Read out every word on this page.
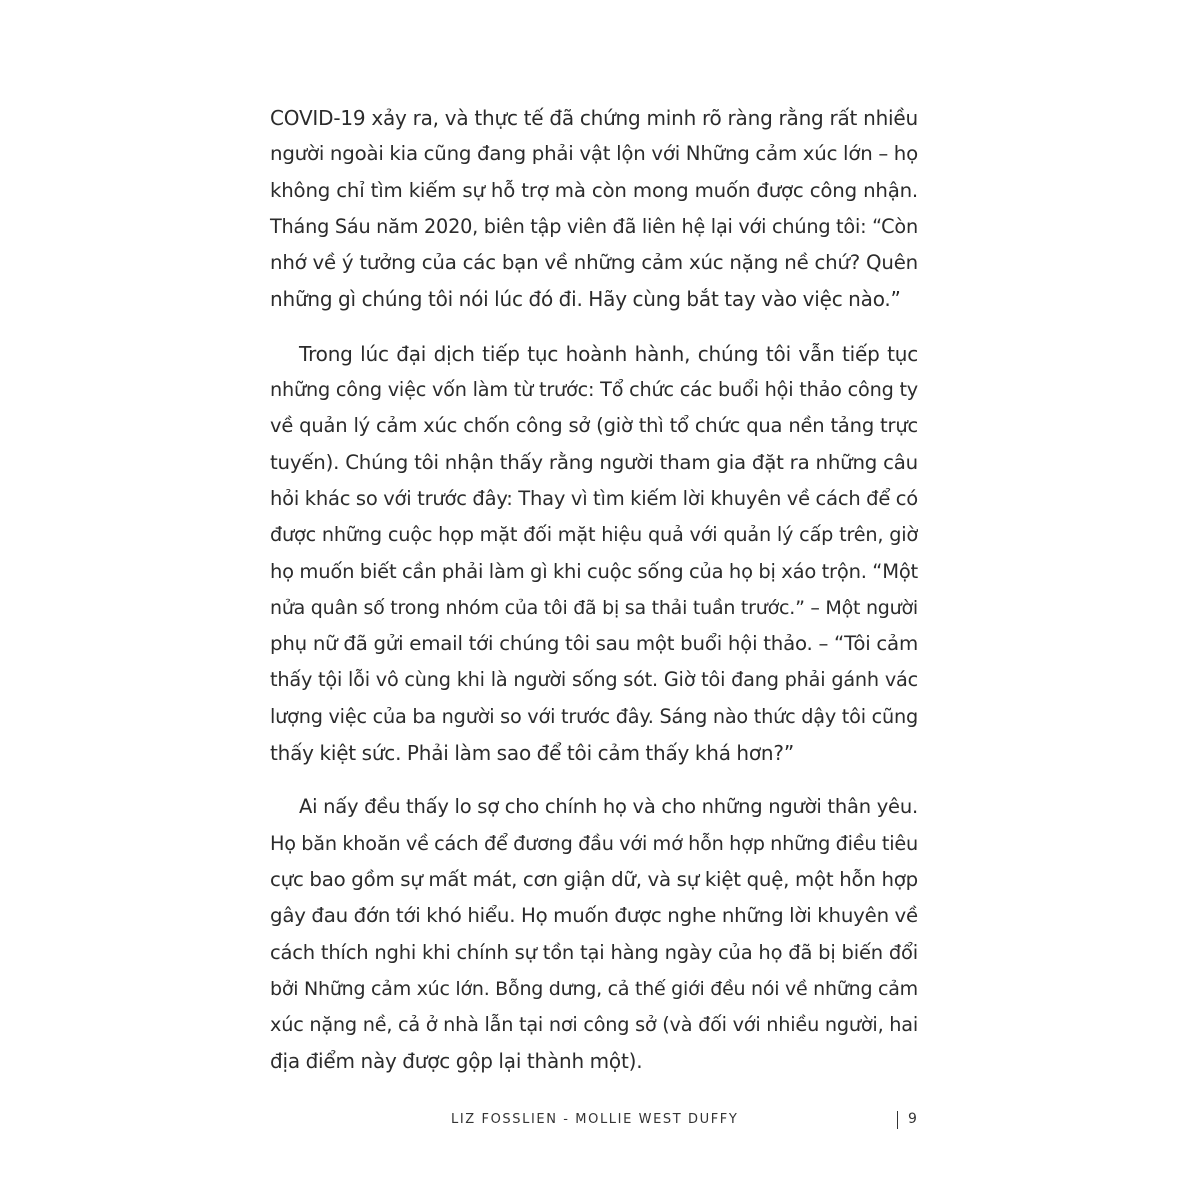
COVID-19 xảy ra, và thực tế đã chứng minh rõ ràng rằng rất nhiều
người ngoài kia cũng đang phải vật lộn với Những cảm xúc lớn – họ
không chỉ tìm kiếm sự hỗ trợ mà còn mong muốn được công nhận.
Tháng Sáu năm 2020, biên tập viên đã liên hệ lại với chúng tôi: “Còn
nhớ về ý tưởng của các bạn về những cảm xúc nặng nề chứ? Quên
những gì chúng tôi nói lúc đó đi. Hãy cùng bắt tay vào việc nào.”

Trong lúc đại dịch tiếp tục hoành hành, chúng tôi vẫn tiếp tục
những công việc vốn làm từ trước: Tổ chức các buổi hội thảo công ty
về quản lý cảm xúc chốn công sở (giờ thì tổ chức qua nền tảng trực
tuyến). Chúng tôi nhận thấy rằng người tham gia đặt ra những câu
hỏi khác so với trước đây: Thay vì tìm kiếm lời khuyên về cách để có
được những cuộc họp mặt đối mặt hiệu quả với quản lý cấp trên, giờ
họ muốn biết cần phải làm gì khi cuộc sống của họ bị xáo trộn. “Một
nửa quân số trong nhóm của tôi đã bị sa thải tuần trước.” – Một người
phụ nữ đã gửi email tới chúng tôi sau một buổi hội thảo. – “Tôi cảm
thấy tội lỗi vô cùng khi là người sống sót. Giờ tôi đang phải gánh vác
lượng việc của ba người so với trước đây. Sáng nào thức dậy tôi cũng
thấy kiệt sức. Phải làm sao để tôi cảm thấy khá hơn?”

Ai nấy đều thấy lo sợ cho chính họ và cho những người thân yêu.
Họ băn khoăn về cách để đương đầu với mớ hỗn hợp những điều tiêu
cực bao gồm sự mất mát, cơn giận dữ, và sự kiệt quệ, một hỗn hợp
gây đau đớn tới khó hiểu. Họ muốn được nghe những lời khuyên về
cách thích nghi khi chính sự tồn tại hàng ngày của họ đã bị biến đổi
bởi Những cảm xúc lớn. Bỗng dưng, cả thế giới đều nói về những cảm
xúc nặng nề, cả ở nhà lẫn tại nơi công sở (và đối với nhiều người, hai
địa điểm này được gộp lại thành một).

LIZ FOSSLIEN - MOLLIE WEST DUFFY	9
